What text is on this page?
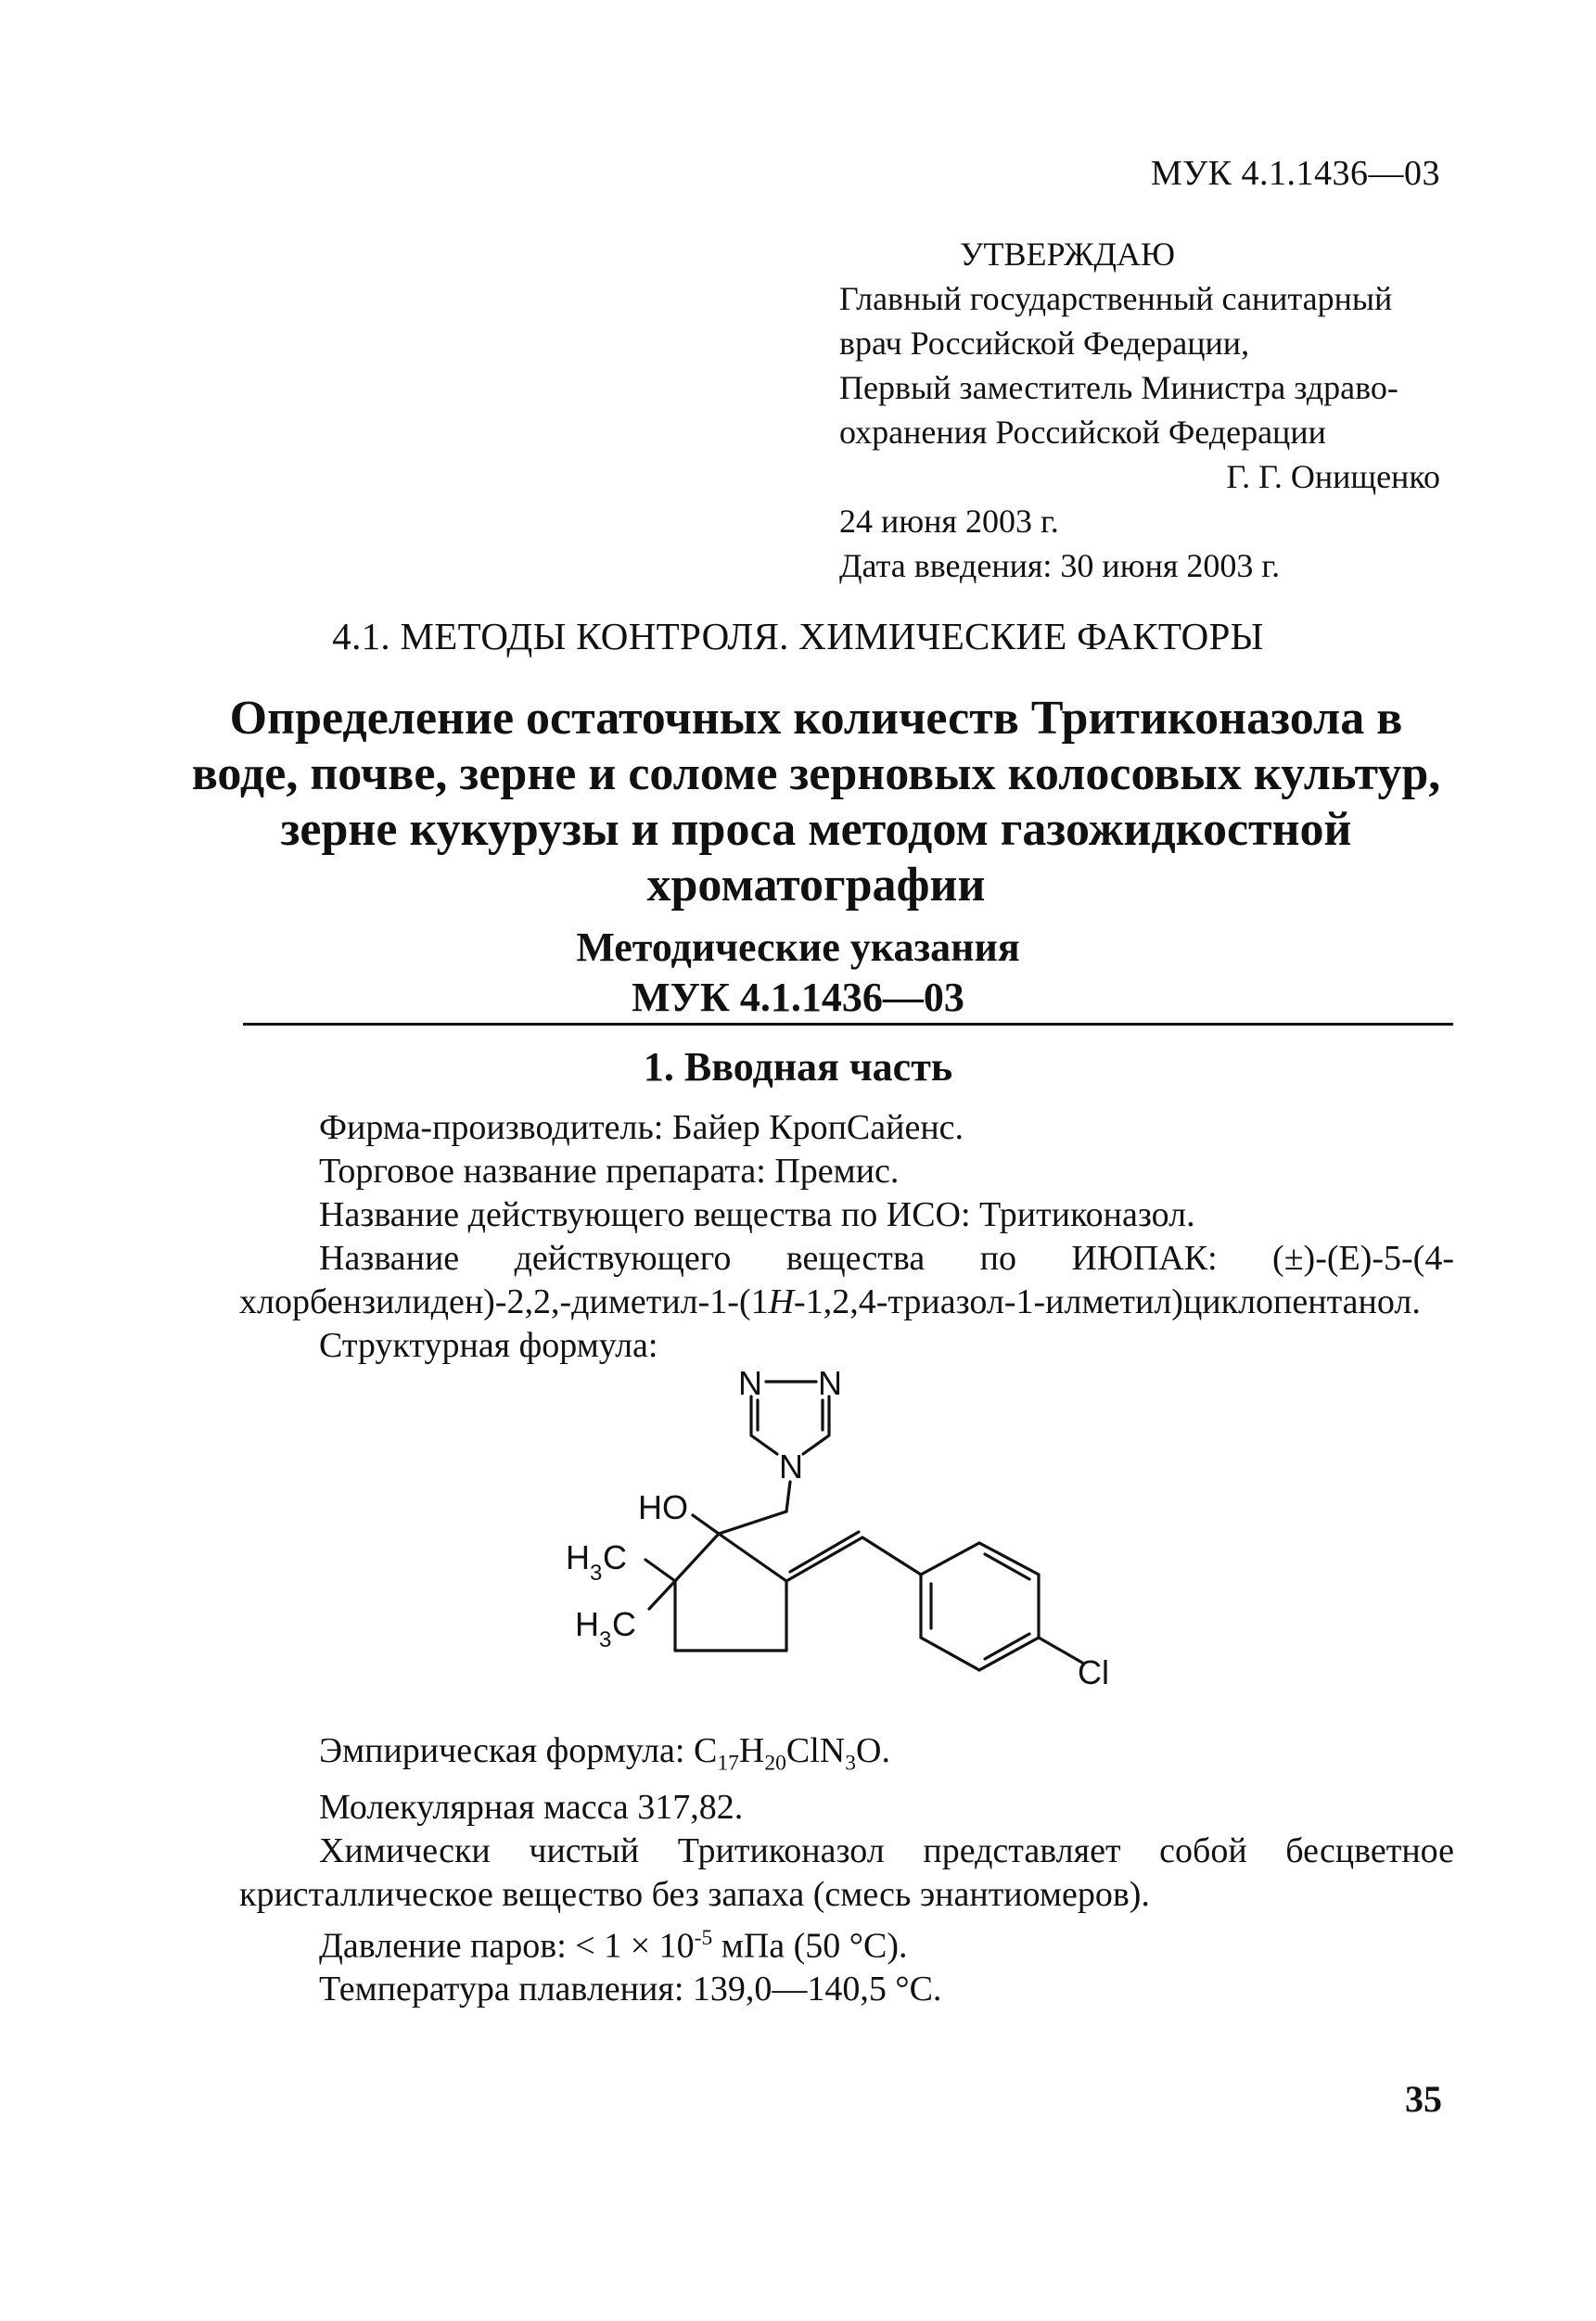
МУК 4.1.1436—03
УТВЕРЖДАЮ
Главный государственный санитарный
врач Российской Федерации,
Первый заместитель Министра здраво-
охранения Российской Федерации
Г. Г. Онищенко
24 июня 2003 г.
Дата введения: 30 июня 2003 г.
4.1. МЕТОДЫ КОНТРОЛЯ. ХИМИЧЕСКИЕ ФАКТОРЫ
Определение остаточных количеств Тритиконазола в
воде, почве, зерне и соломе зерновых колосовых культур,
зерне кукурузы и проса методом газожидкостной
хроматографии
Методические указания
МУК 4.1.1436—03
1. Вводная часть

Фирма-производитель: Байер КропСайенс.

Торговое название препарата: Премис.

Название действующего вещества по ИСО: Тритиконазол.

Название действующего вещества по ИЮПАК: (±)-(E)-5-(4-хлорбензилиден)-2,2,-диметил-1-(1H-1,2,4-триазол-1-илметил)циклопентанол.

Структурная формула:

N N
N
HO
H 3 C
H 3 C
Cl

Эмпирическая формула: $C_{17}H_{20}ClN_3O$.

Молекулярная масса 317,82.

Химически чистый Тритиконазол представляет собой бесцветное кристаллическое вещество без запаха (смесь энантиомеров).

Давление паров: < $1 \times 10^{-5}$ мПа (50 °С).

Температура плавления: 139,0—140,5 °С.

35
